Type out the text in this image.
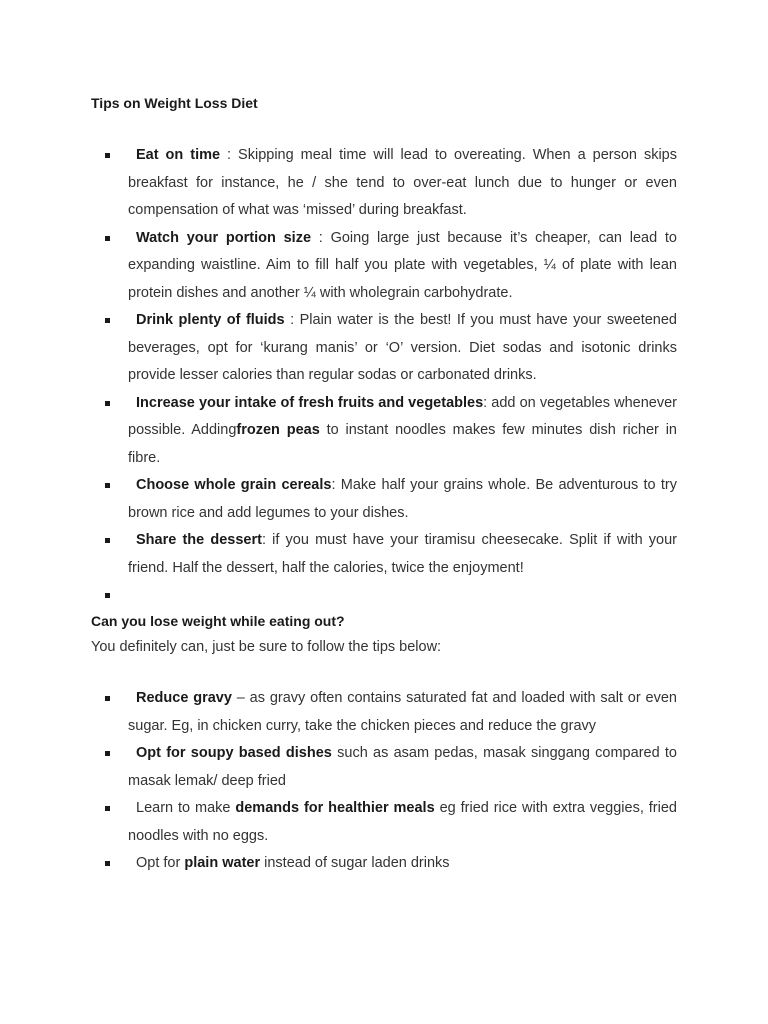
Tips on Weight Loss Diet
Eat on time : Skipping meal time will lead to overeating. When a person skips breakfast for instance, he / she tend to over-eat lunch due to hunger or even compensation of what was ‘missed’ during breakfast.
Watch your portion size : Going large just because it’s cheaper, can lead to expanding waistline. Aim to fill half you plate with vegetables, ¼ of plate with lean protein dishes and another ¼ with wholegrain carbohydrate.
Drink plenty of fluids : Plain water is the best! If you must have your sweetened beverages, opt for ‘kurang manis’ or ‘O’ version. Diet sodas and isotonic drinks provide lesser calories than regular sodas or carbonated drinks.
Increase your intake of fresh fruits and vegetables: add on vegetables whenever possible. Addingfrozen peas to instant noodles makes few minutes dish richer in fibre.
Choose whole grain cereals: Make half your grains whole. Be adventurous to try brown rice and add legumes to your dishes.
Share the dessert: if you must have your tiramisu cheesecake. Split if with your friend. Half the dessert, half the calories, twice the enjoyment!
Can you lose weight while eating out?
You definitely can, just be sure to follow the tips below:
Reduce gravy – as gravy often contains saturated fat and loaded with salt or even sugar. Eg, in chicken curry, take the chicken pieces and reduce the gravy
Opt for soupy based dishes such as asam pedas, masak singgang compared to masak lemak/ deep fried
Learn to make demands for healthier meals eg fried rice with extra veggies, fried noodles with no eggs.
Opt for plain water instead of sugar laden drinks
